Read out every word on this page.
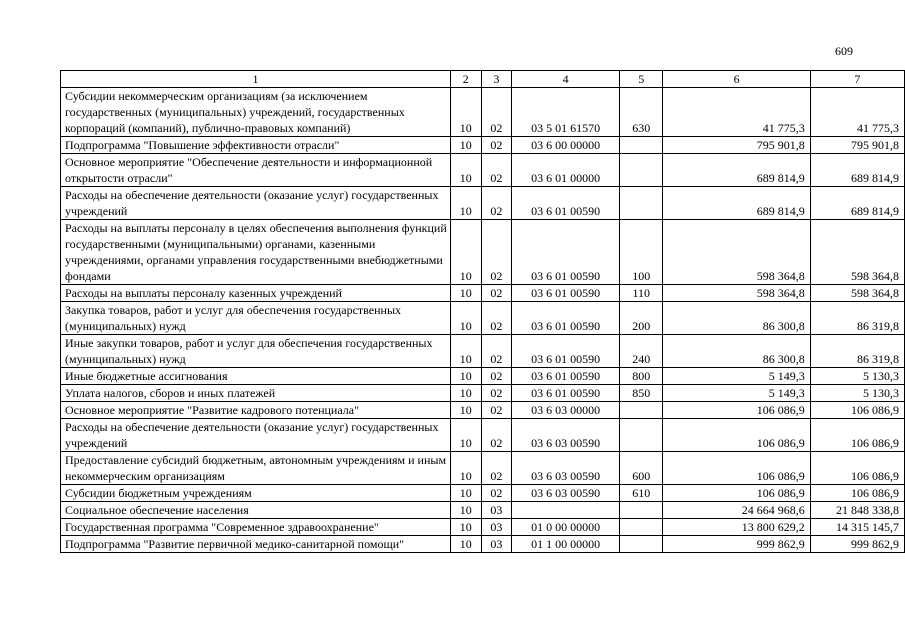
609
1	2	3	4	5	6	7
Субсидии некоммерческим организациям (за исключением государственных (муниципальных) учреждений, государственных корпораций (компаний), публично-правовых компаний)	10	02	03 5 01 61570	630	41 775,3	41 775,3
Подпрограмма "Повышение эффективности отрасли"	10	02	03 6 00 00000		795 901,8	795 901,8
Основное мероприятие "Обеспечение деятельности и информационной открытости отрасли"	10	02	03 6 01 00000		689 814,9	689 814,9
Расходы на обеспечение деятельности (оказание услуг) государственных учреждений	10	02	03 6 01 00590		689 814,9	689 814,9
Расходы на выплаты персоналу в целях обеспечения выполнения функций государственными (муниципальными) органами, казенными учреждениями, органами управления государственными внебюджетными фондами	10	02	03 6 01 00590	100	598 364,8	598 364,8
Расходы на выплаты персоналу казенных учреждений	10	02	03 6 01 00590	110	598 364,8	598 364,8
Закупка товаров, работ и услуг для обеспечения государственных (муниципальных) нужд	10	02	03 6 01 00590	200	86 300,8	86 319,8
Иные закупки товаров, работ и услуг для обеспечения государственных (муниципальных) нужд	10	02	03 6 01 00590	240	86 300,8	86 319,8
Иные бюджетные ассигнования	10	02	03 6 01 00590	800	5 149,3	5 130,3
Уплата налогов, сборов и иных платежей	10	02	03 6 01 00590	850	5 149,3	5 130,3
Основное мероприятие "Развитие кадрового потенциала"	10	02	03 6 03 00000		106 086,9	106 086,9
Расходы на обеспечение деятельности (оказание услуг) государственных учреждений	10	02	03 6 03 00590		106 086,9	106 086,9
Предоставление субсидий бюджетным, автономным учреждениям и иным некоммерческим организациям	10	02	03 6 03 00590	600	106 086,9	106 086,9
Субсидии бюджетным учреждениям	10	02	03 6 03 00590	610	106 086,9	106 086,9
Социальное обеспечение населения	10	03			24 664 968,6	21 848 338,8
Государственная программа "Современное здравоохранение"	10	03	01 0 00 00000		13 800 629,2	14 315 145,7
Подпрограмма "Развитие первичной медико-санитарной помощи"	10	03	01 1 00 00000		999 862,9	999 862,9
